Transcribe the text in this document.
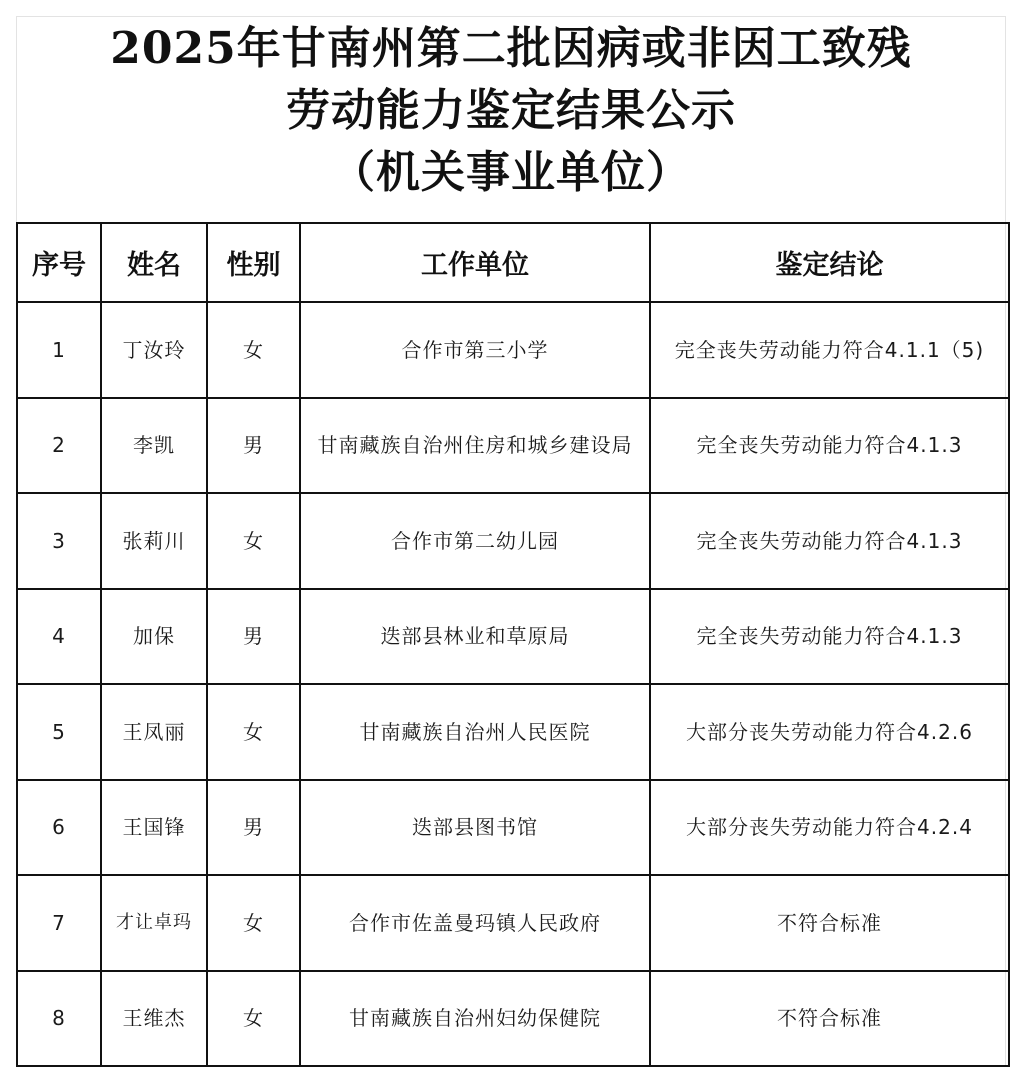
2025年甘南州第二批因病或非因工致残
劳动能力鉴定结果公示
（机关事业单位）
序号	姓名	性别	工作单位	鉴定结论
1	丁汝玲	女	合作市第三小学	完全丧失劳动能力符合4.1.1（5)
2	李凯	男	甘南藏族自治州住房和城乡建设局	完全丧失劳动能力符合4.1.3
3	张莉川	女	合作市第二幼儿园	完全丧失劳动能力符合4.1.3
4	加保	男	迭部县林业和草原局	完全丧失劳动能力符合4.1.3
5	王凤丽	女	甘南藏族自治州人民医院	大部分丧失劳动能力符合4.2.6
6	王国锋	男	迭部县图书馆	大部分丧失劳动能力符合4.2.4
7	才让卓玛	女	合作市佐盖曼玛镇人民政府	不符合标准
8	王维杰	女	甘南藏族自治州妇幼保健院	不符合标准
